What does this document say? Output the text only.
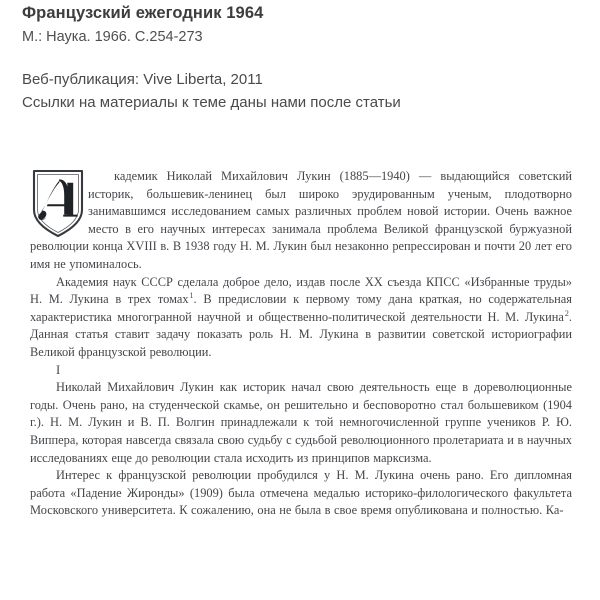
Французский ежегодник 1964
М.: Наука. 1966. С.254-273
Веб-публикация: Vive Liberta, 2011
Ссылки на материалы к теме даны нами после статьи

кадемик Николай Михайлович Лукин (1885—1940) — выдающийся советский историк, большевик-ленинец был широко эрудированным ученым, плодотворно занимавшимся исследованием самых различных проблем новой истории. Очень важное место в его научных интересах занимала проблема Великой французской буржуазной революции конца XVIII в. В 1938 году Н. М. Лукин был незаконно репрессирован и почти 20 лет его имя не упоминалось.

Академия наук СССР сделала доброе дело, издав после XX съезда КПСС «Избранные труды» Н. М. Лукина в трех томах$^1$. В предисловии к первому тому дана краткая, но содержательная характеристика многогранной научной и общественно-политической деятельности Н. М. Лукина$^2$. Данная статья ставит задачу показать роль Н. М. Лукина в развитии советской историографии Великой французской революции.

I

Николай Михайлович Лукин как историк начал свою деятельность еще в дореволюционные годы. Очень рано, на студенческой скамье, он решительно и бесповоротно стал большевиком (1904 г.). Н. М. Лукин и В. П. Волгин принадлежали к той немногочисленной группе учеников Р. Ю. Виппера, которая навсегда связала свою судьбу с судьбой революционного пролетариата и в научных исследованиях еще до революции стала исходить из принципов марксизма.

Интерес к французской революции пробудился у Н. М. Лукина очень рано. Его дипломная работа «Падение Жиронды» (1909) была отмечена медалью историко-филологического факультета Московского университета. К сожалению, она не была в свое время опубликована и полностью. Ка-
